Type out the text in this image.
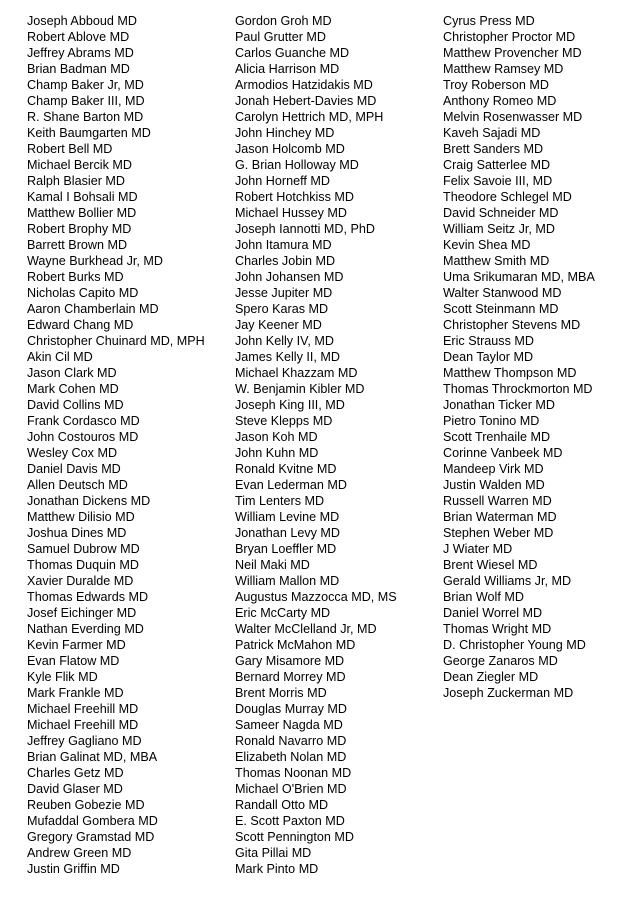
Joseph Abboud MD
Robert Ablove MD
Jeffrey Abrams MD
Brian Badman MD
Champ Baker Jr, MD
Champ Baker III, MD
R. Shane Barton MD
Keith Baumgarten MD
Robert Bell MD
Michael Bercik MD
Ralph Blasier MD
Kamal I Bohsali MD
Matthew Bollier MD
Robert Brophy MD
Barrett Brown MD
Wayne Burkhead Jr, MD
Robert Burks MD
Nicholas Capito MD
Aaron Chamberlain MD
Edward Chang MD
Christopher Chuinard MD, MPH
Akin Cil MD
Jason Clark MD
Mark Cohen MD
David Collins MD
Frank Cordasco MD
John Costouros MD
Wesley Cox MD
Daniel Davis MD
Allen Deutsch MD
Jonathan Dickens MD
Matthew Dilisio MD
Joshua Dines MD
Samuel Dubrow MD
Thomas Duquin MD
Xavier Duralde MD
Thomas Edwards MD
Josef Eichinger MD
Nathan Everding MD
Kevin Farmer MD
Evan Flatow MD
Kyle Flik MD
Mark Frankle MD
Michael Freehill MD
Michael Freehill MD
Jeffrey Gagliano MD
Brian Galinat MD, MBA
Charles Getz MD
David Glaser MD
Reuben Gobezie MD
Mufaddal Gombera MD
Gregory Gramstad MD
Andrew Green MD
Justin Griffin MD
Gordon Groh MD
Paul Grutter MD
Carlos Guanche MD
Alicia Harrison MD
Armodios Hatzidakis MD
Jonah Hebert-Davies MD
Carolyn Hettrich MD, MPH
John Hinchey MD
Jason Holcomb MD
G. Brian Holloway MD
John Horneff MD
Robert Hotchkiss MD
Michael Hussey MD
Joseph Iannotti MD, PhD
John Itamura MD
Charles Jobin MD
John Johansen MD
Jesse Jupiter MD
Spero Karas MD
Jay Keener MD
John Kelly IV, MD
James Kelly II, MD
Michael Khazzam MD
W. Benjamin Kibler MD
Joseph King III, MD
Steve Klepps MD
Jason Koh MD
John Kuhn MD
Ronald Kvitne MD
Evan Lederman MD
Tim Lenters MD
William Levine MD
Jonathan Levy MD
Bryan Loeffler MD
Neil Maki MD
William Mallon MD
Augustus Mazzocca MD, MS
Eric McCarty MD
Walter McClelland Jr, MD
Patrick McMahon MD
Gary Misamore MD
Bernard Morrey MD
Brent Morris MD
Douglas Murray MD
Sameer Nagda MD
Ronald Navarro MD
Elizabeth Nolan MD
Thomas Noonan MD
Michael O'Brien MD
Randall Otto MD
E. Scott Paxton MD
Scott Pennington MD
Gita Pillai MD
Mark Pinto MD
Cyrus Press MD
Christopher Proctor MD
Matthew Provencher MD
Matthew Ramsey MD
Troy Roberson MD
Anthony Romeo MD
Melvin Rosenwasser MD
Kaveh Sajadi MD
Brett Sanders MD
Craig Satterlee MD
Felix Savoie III, MD
Theodore Schlegel MD
David Schneider MD
William Seitz Jr, MD
Kevin Shea MD
Matthew Smith MD
Uma Srikumaran MD, MBA
Walter Stanwood MD
Scott Steinmann MD
Christopher Stevens MD
Eric Strauss MD
Dean Taylor MD
Matthew Thompson MD
Thomas Throckmorton MD
Jonathan Ticker MD
Pietro Tonino MD
Scott Trenhaile MD
Corinne Vanbeek MD
Mandeep Virk MD
Justin Walden MD
Russell Warren MD
Brian Waterman MD
Stephen Weber MD
J Wiater MD
Brent Wiesel MD
Gerald Williams Jr, MD
Brian Wolf MD
Daniel Worrel MD
Thomas Wright MD
D. Christopher Young MD
George Zanaros MD
Dean Ziegler MD
Joseph Zuckerman MD
